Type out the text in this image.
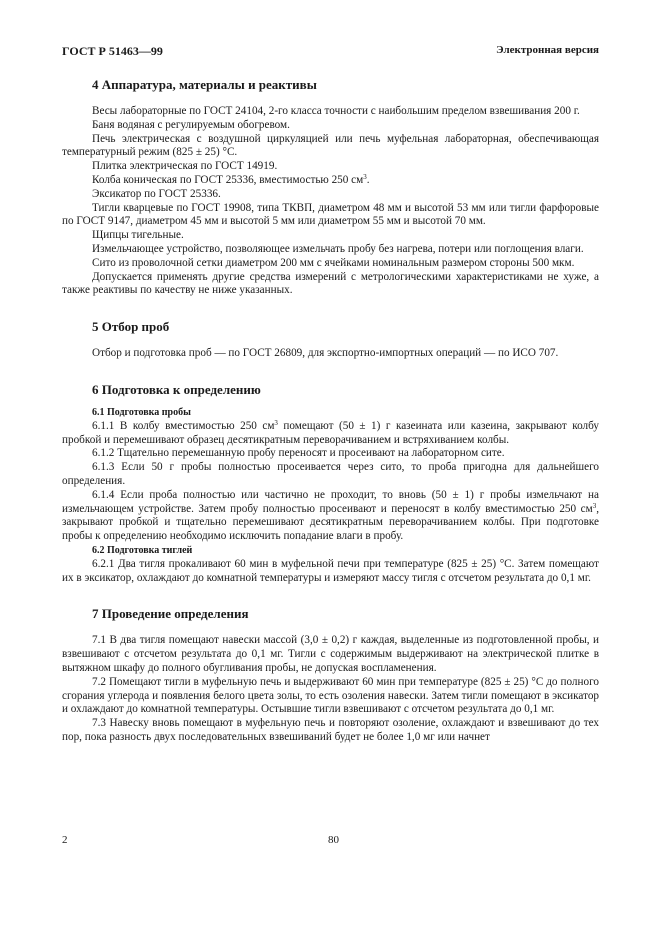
ГОСТ Р 51463—99	Электронная версия
4 Аппаратура, материалы и реактивы

Весы лабораторные по ГОСТ 24104, 2-го класса точности с наибольшим пределом взвешивания 200 г.

Баня водяная с регулируемым обогревом.

Печь электрическая с воздушной циркуляцией или печь муфельная лабораторная, обеспечивающая температурный режим (825 ± 25) °С.

Плитка электрическая по ГОСТ 14919.

Колба коническая по ГОСТ 25336, вместимостью 250 $см^3$.

Эксикатор по ГОСТ 25336.

Тигли кварцевые по ГОСТ 19908, типа ТКВП, диаметром 48 мм и высотой 53 мм или тигли фарфоровые по ГОСТ 9147, диаметром 45 мм и высотой 5 мм или диаметром 55 мм и высотой 70 мм.

Щипцы тигельные.

Измельчающее устройство, позволяющее измельчать пробу без нагрева, потери или поглощения влаги.

Сито из проволочной сетки диаметром 200 мм с ячейками номинальным размером стороны 500 мкм.

Допускается применять другие средства измерений с метрологическими характеристиками не хуже, а также реактивы по качеству не ниже указанных.

5 Отбор проб

Отбор и подготовка проб — по ГОСТ 26809, для экспортно-импортных операций — по ИСО 707.

6 Подготовка к определению
6.1 Подготовка пробы

6.1.1 В колбу вместимостью 250 $см^3$ помещают (50 ± 1) г казеината или казеина, закрывают колбу пробкой и перемешивают образец десятикратным переворачиванием и встряхиванием колбы.

6.1.2 Тщательно перемешанную пробу переносят и просеивают на лабораторном сите.

6.1.3 Если 50 г пробы полностью просеивается через сито, то проба пригодна для дальнейшего определения.

6.1.4 Если проба полностью или частично не проходит, то вновь (50 ± 1) г пробы измельчают на измельчающем устройстве. Затем пробу полностью просеивают и переносят в колбу вместимостью 250 $см^3$, закрывают пробкой и тщательно перемешивают десятикратным переворачиванием колбы. При подготовке пробы к определению необходимо исключить попадание влаги в пробу.

6.2 Подготовка тиглей

6.2.1 Два тигля прокаливают 60 мин в муфельной печи при температуре (825 ± 25) °С. Затем помещают их в эксикатор, охлаждают до комнатной температуры и измеряют массу тигля с отсчетом результата до 0,1 мг.

7 Проведение определения

7.1 В два тигля помещают навески массой (3,0 ± 0,2) г каждая, выделенные из подготовленной пробы, и взвешивают с отсчетом результата до 0,1 мг. Тигли с содержимым выдерживают на электрической плитке в вытяжном шкафу до полного обугливания пробы, не допуская воспламенения.

7.2 Помещают тигли в муфельную печь и выдерживают 60 мин при температуре (825 ± 25) °С до полного сгорания углерода и появления белого цвета золы, то есть озоления навески. Затем тигли помещают в эксикатор и охлаждают до комнатной температуры. Остывшие тигли взвешивают с отсчетом результата до 0,1 мг.

7.3 Навеску вновь помещают в муфельную печь и повторяют озоление, охлаждают и взвешивают до тех пор, пока разность двух последовательных взвешиваний будет не более 1,0 мг или начнет

2	80
